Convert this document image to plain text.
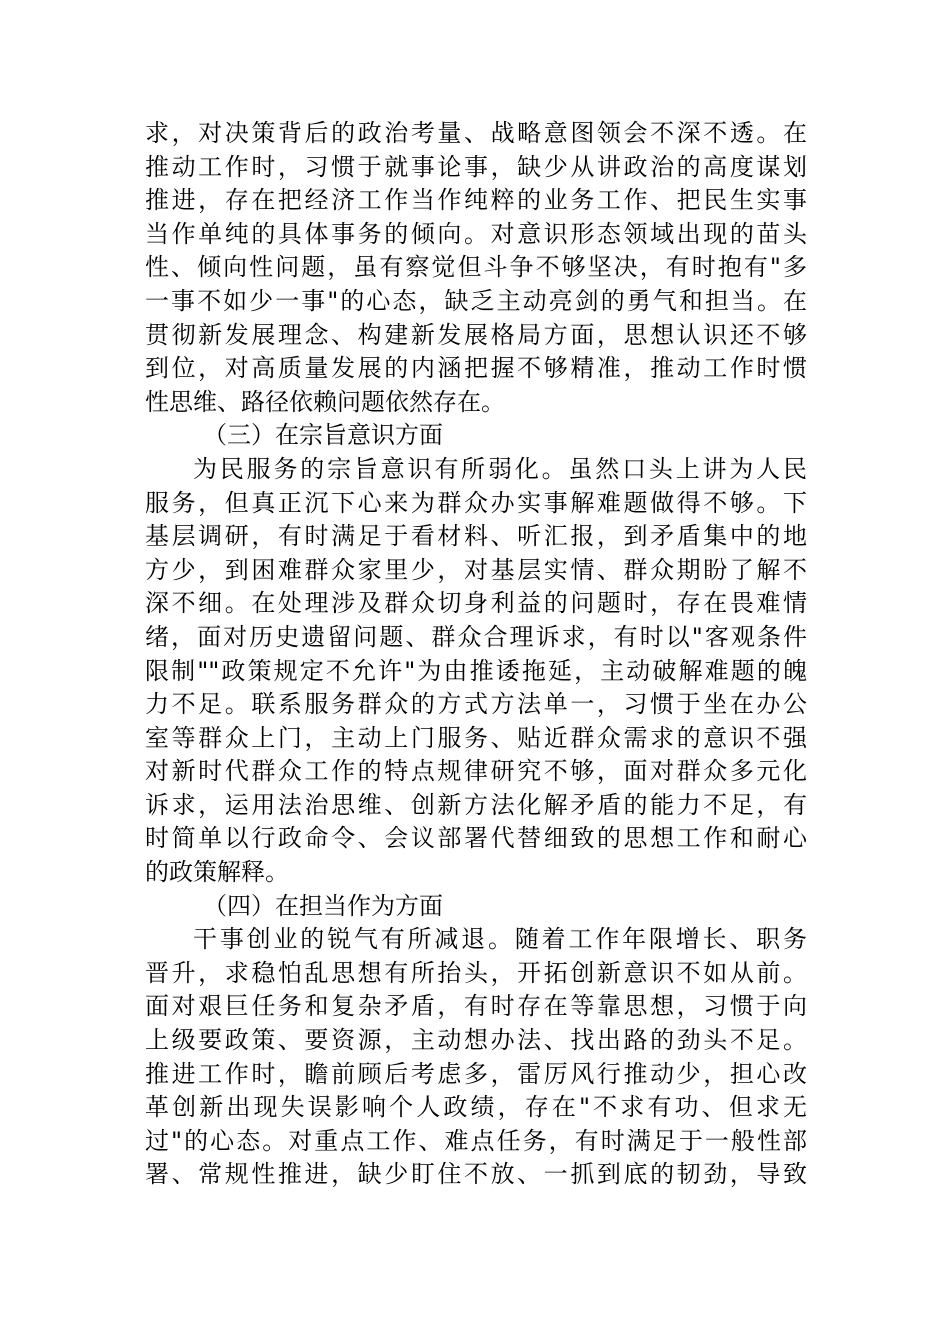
求，对决策背后的政治考量、战略意图领会不深不透。在
推动工作时，习惯于就事论事，缺少从讲政治的高度谋划
推进，存在把经济工作当作纯粹的业务工作、把民生实事
当作单纯的具体事务的倾向。对意识形态领域出现的苗头
性、倾向性问题，虽有察觉但斗争不够坚决，有时抱有"多
一事不如少一事"的心态，缺乏主动亮剑的勇气和担当。在
贯彻新发展理念、构建新发展格局方面，思想认识还不够
到位，对高质量发展的内涵把握不够精准，推动工作时惯
性思维、路径依赖问题依然存在。
（三）在宗旨意识方面
为民服务的宗旨意识有所弱化。虽然口头上讲为人民
服务，但真正沉下心来为群众办实事解难题做得不够。下
基层调研，有时满足于看材料、听汇报，到矛盾集中的地
方少，到困难群众家里少，对基层实情、群众期盼了解不
深不细。在处理涉及群众切身利益的问题时，存在畏难情
绪，面对历史遗留问题、群众合理诉求，有时以"客观条件
限制""政策规定不允许"为由推诿拖延，主动破解难题的魄
力不足。联系服务群众的方式方法单一，习惯于坐在办公
室等群众上门，主动上门服务、贴近群众需求的意识不强
对新时代群众工作的特点规律研究不够，面对群众多元化
诉求，运用法治思维、创新方法化解矛盾的能力不足，有
时简单以行政命令、会议部署代替细致的思想工作和耐心
的政策解释。
（四）在担当作为方面
干事创业的锐气有所减退。随着工作年限增长、职务
晋升，求稳怕乱思想有所抬头，开拓创新意识不如从前。
面对艰巨任务和复杂矛盾，有时存在等靠思想，习惯于向
上级要政策、要资源，主动想办法、找出路的劲头不足。
推进工作时，瞻前顾后考虑多，雷厉风行推动少，担心改
革创新出现失误影响个人政绩，存在"不求有功、但求无
过"的心态。对重点工作、难点任务，有时满足于一般性部
署、常规性推进，缺少盯住不放、一抓到底的韧劲，导致
